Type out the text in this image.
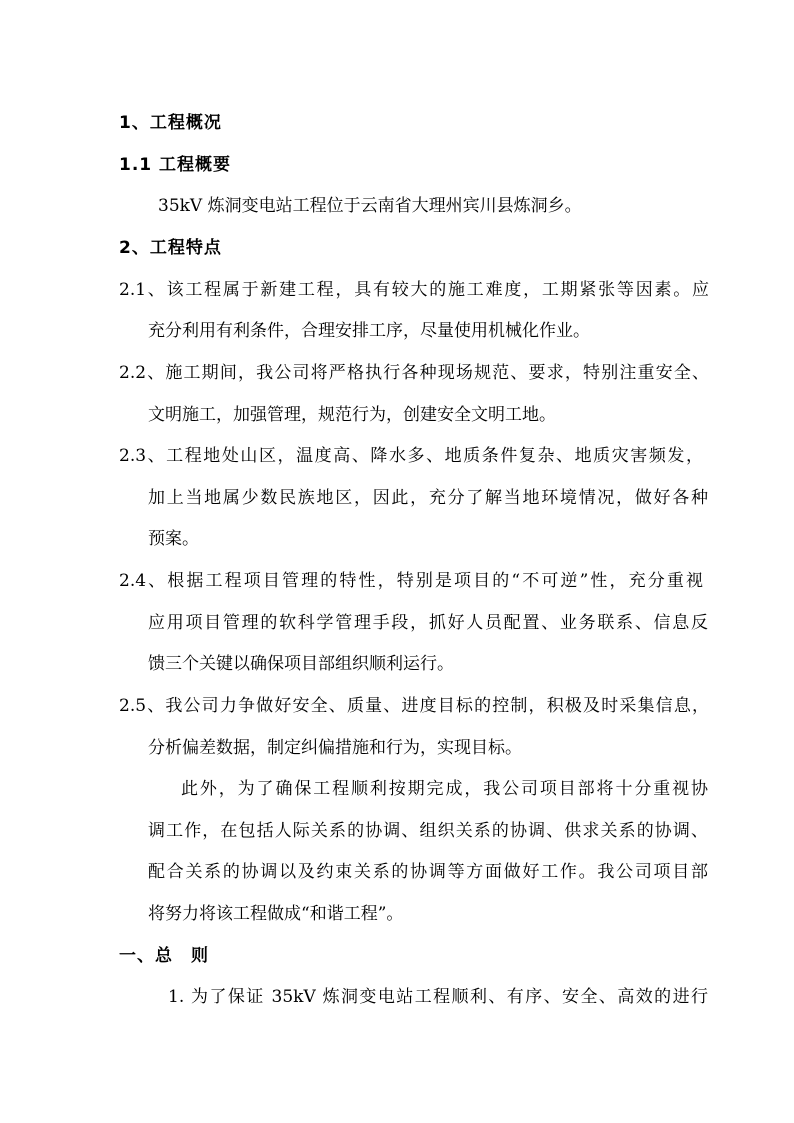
1、工程概况
1.1 工程概要
35kV 炼洞变电站工程位于云南省大理州宾川县炼洞乡。
2、工程特点
2.1、该工程属于新建工程，具有较大的施工难度，工期紧张等因素。应
充分利用有利条件，合理安排工序，尽量使用机械化作业。
2.2、施工期间，我公司将严格执行各种现场规范、要求，特别注重安全、
文明施工，加强管理，规范行为，创建安全文明工地。
2.3、工程地处山区，温度高、降水多、地质条件复杂、地质灾害频发，
加上当地属少数民族地区，因此，充分了解当地环境情况，做好各种
预案。
2.4、根据工程项目管理的特性，特别是项目的“不可逆”性，充分重视
应用项目管理的软科学管理手段，抓好人员配置、业务联系、信息反
馈三个关键以确保项目部组织顺利运行。
2.5、我公司力争做好安全、质量、进度目标的控制，积极及时采集信息，
分析偏差数据，制定纠偏措施和行为，实现目标。
此外，为了确保工程顺利按期完成，我公司项目部将十分重视协
调工作，在包括人际关系的协调、组织关系的协调、供求关系的协调、
配合关系的协调以及约束关系的协调等方面做好工作。我公司项目部
将努力将该工程做成“和谐工程”。
一、总　则
1. 为了保证 35kV 炼洞变电站工程顺利、有序、安全、高效的进行
